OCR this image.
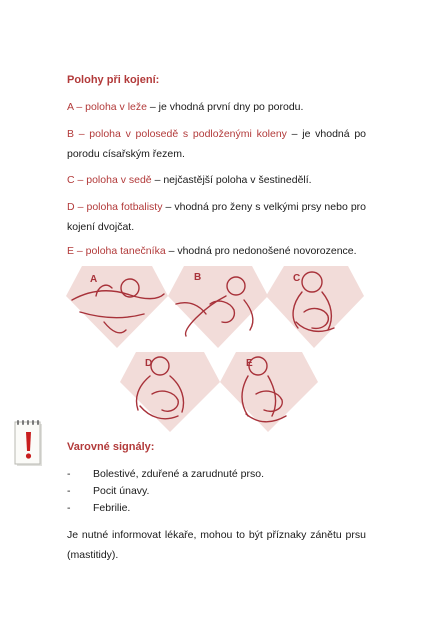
Polohy při kojení:
A – poloha v leže – je vhodná první dny po porodu.
B – poloha v polosedě s podloženými koleny – je vhodná po porodu císařským řezem.
C – poloha v sedě – nejčastější poloha v šestinedělí.
D – poloha fotbalisty – vhodná pro ženy s velkými prsy nebo pro kojení dvojčat.
E – poloha tanečníka – vhodná pro nedonošené novorozence.
A	B	C
D	E
Varovné signály:
-	Bolestivé, zduřené a zarudnuté prso.
-	Pocit únavy.
-	Febrilie.
Je nutné informovat lékaře, mohou to být příznaky zánětu prsu (mastitidy).
